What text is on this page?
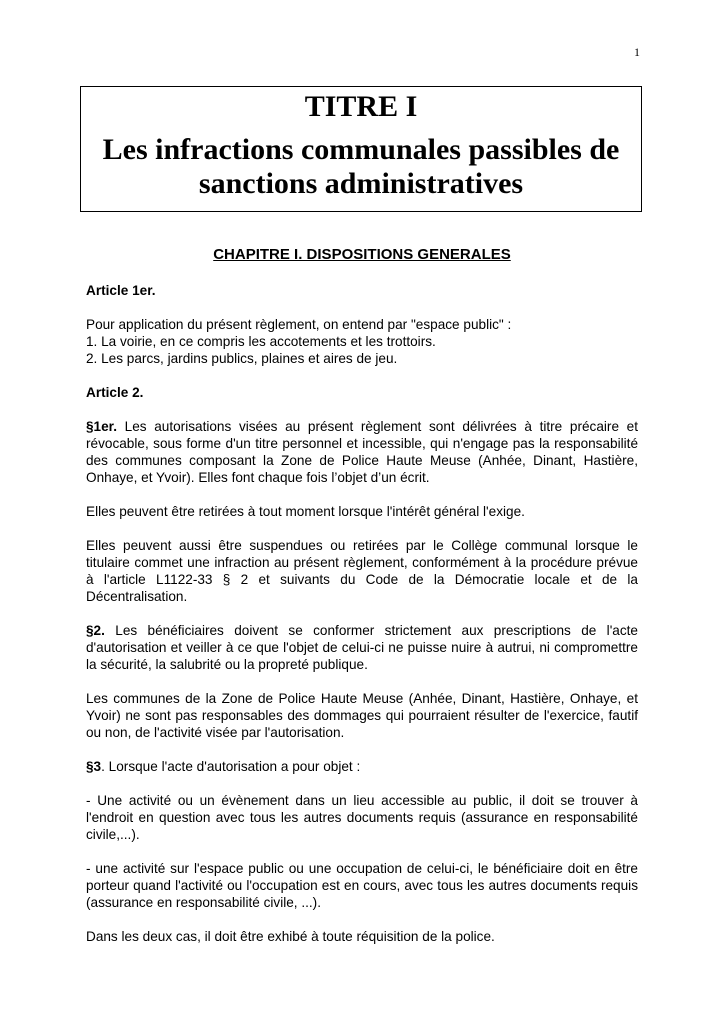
1
TITRE I
Les infractions communales passibles de sanctions administratives
CHAPITRE I. DISPOSITIONS GENERALES

Article 1er.

Pour application du présent règlement, on entend par "espace public" :
1. La voirie, en ce compris les accotements et les trottoirs.
2. Les parcs, jardins publics, plaines et aires de jeu.

Article 2.

§1er. Les autorisations visées au présent règlement sont délivrées à titre précaire et révocable, sous forme d'un titre personnel et incessible, qui n'engage pas la responsabilité des communes composant la Zone de Police Haute Meuse (Anhée, Dinant, Hastière, Onhaye, et Yvoir). Elles font chaque fois l’objet d’un écrit.

Elles peuvent être retirées à tout moment lorsque l'intérêt général l'exige.

Elles peuvent aussi être suspendues ou retirées par le Collège communal lorsque le titulaire commet une infraction au présent règlement, conformément à la procédure prévue à l'article L1122-33 § 2 et suivants du Code de la Démocratie locale et de la Décentralisation.

§2. Les bénéficiaires doivent se conformer strictement aux prescriptions de l'acte d'autorisation et veiller à ce que l'objet de celui-ci ne puisse nuire à autrui, ni compromettre la sécurité, la salubrité ou la propreté publique.

Les communes de la Zone de Police Haute Meuse (Anhée, Dinant, Hastière, Onhaye, et Yvoir) ne sont pas responsables des dommages qui pourraient résulter de l'exercice, fautif ou non, de l'activité visée par l'autorisation.

§3. Lorsque l'acte d'autorisation a pour objet :

- Une activité ou un évènement dans un lieu accessible au public, il doit se trouver à l'endroit en question avec tous les autres documents requis (assurance en responsabilité civile,...).

- une activité sur l'espace public ou une occupation de celui-ci, le bénéficiaire doit en être porteur quand l'activité ou l'occupation est en cours, avec tous les autres documents requis (assurance en responsabilité civile, ...).

Dans les deux cas, il doit être exhibé à toute réquisition de la police.
